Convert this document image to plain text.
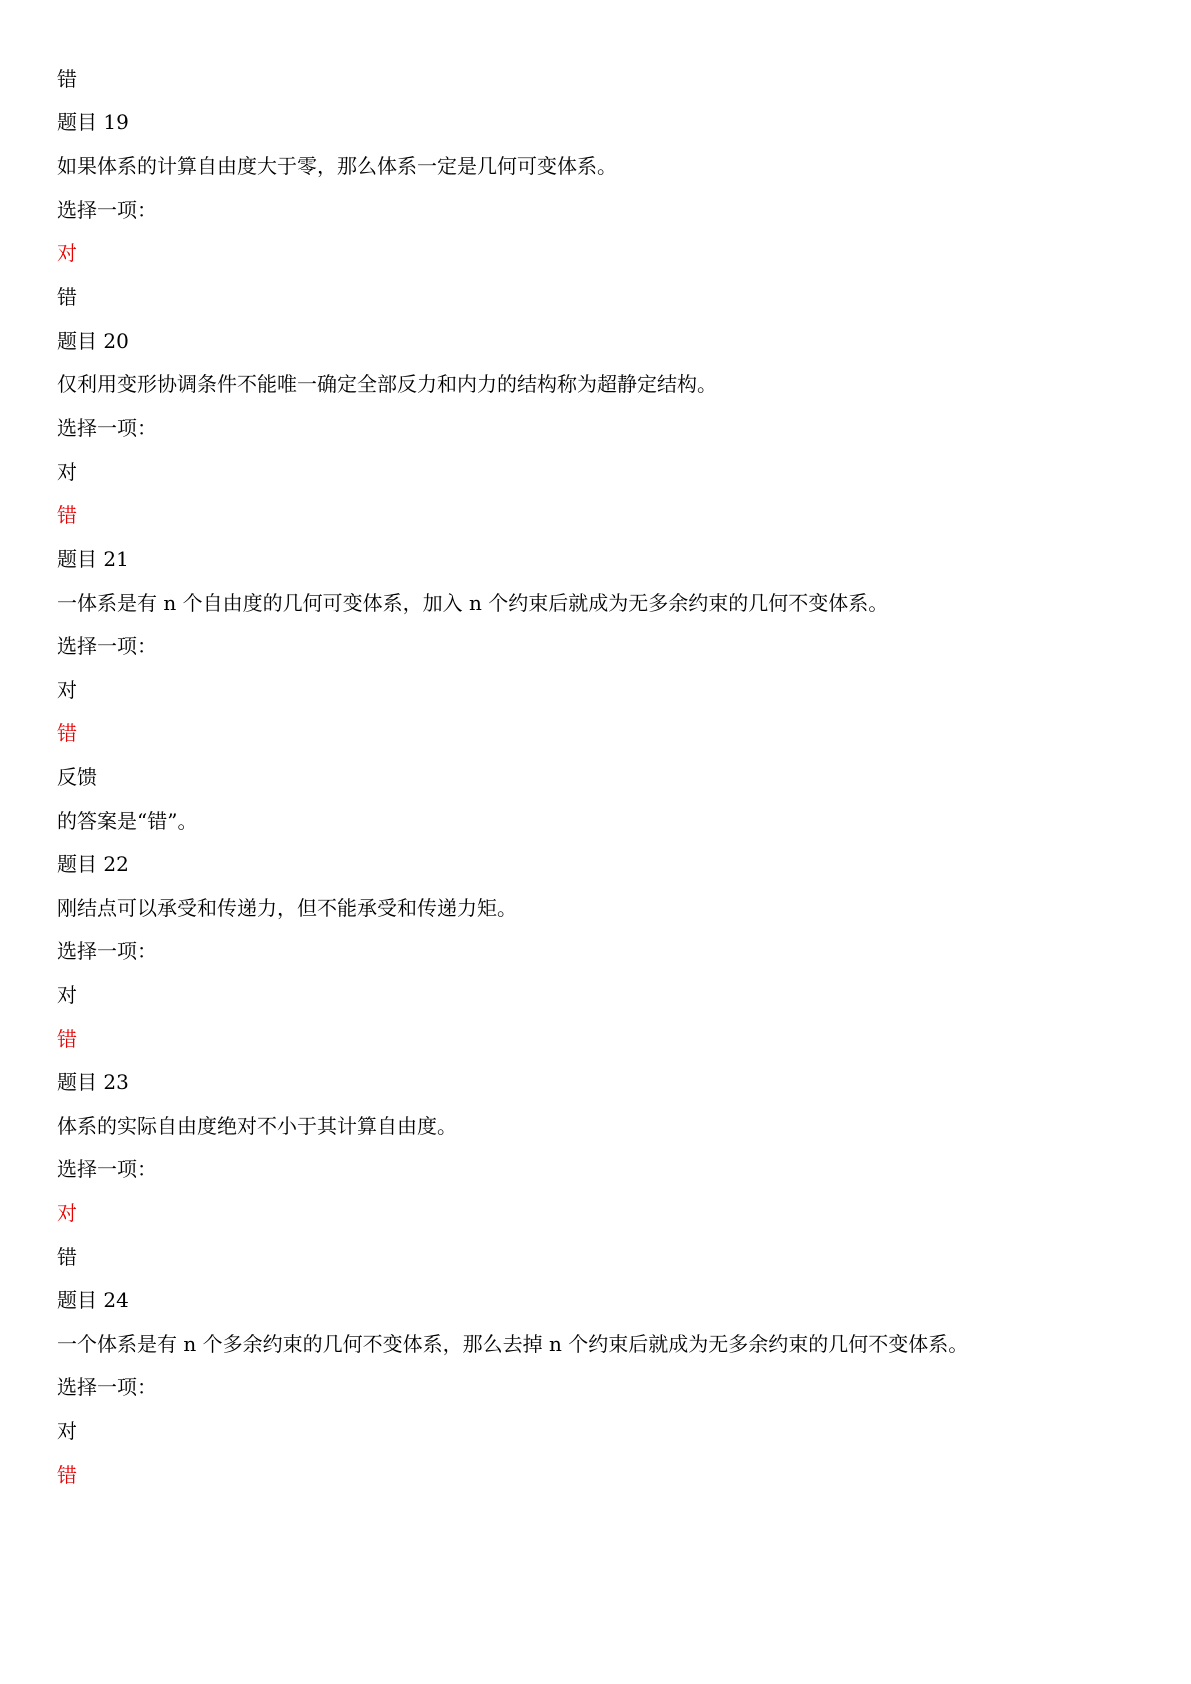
错
题目 19
如果体系的计算自由度大于零，那么体系一定是几何可变体系。
选择一项：
对
错
题目 20
仅利用变形协调条件不能唯一确定全部反力和内力的结构称为超静定结构。
选择一项：
对
错
题目 21
一体系是有 n 个自由度的几何可变体系，加入 n 个约束后就成为无多余约束的几何不变体系。
选择一项：
对
错
反馈
的答案是“错”。
题目 22
刚结点可以承受和传递力，但不能承受和传递力矩。
选择一项：
对
错
题目 23
体系的实际自由度绝对不小于其计算自由度。
选择一项：
对
错
题目 24
一个体系是有 n 个多余约束的几何不变体系，那么去掉 n 个约束后就成为无多余约束的几何不变体系。
选择一项：
对
错
